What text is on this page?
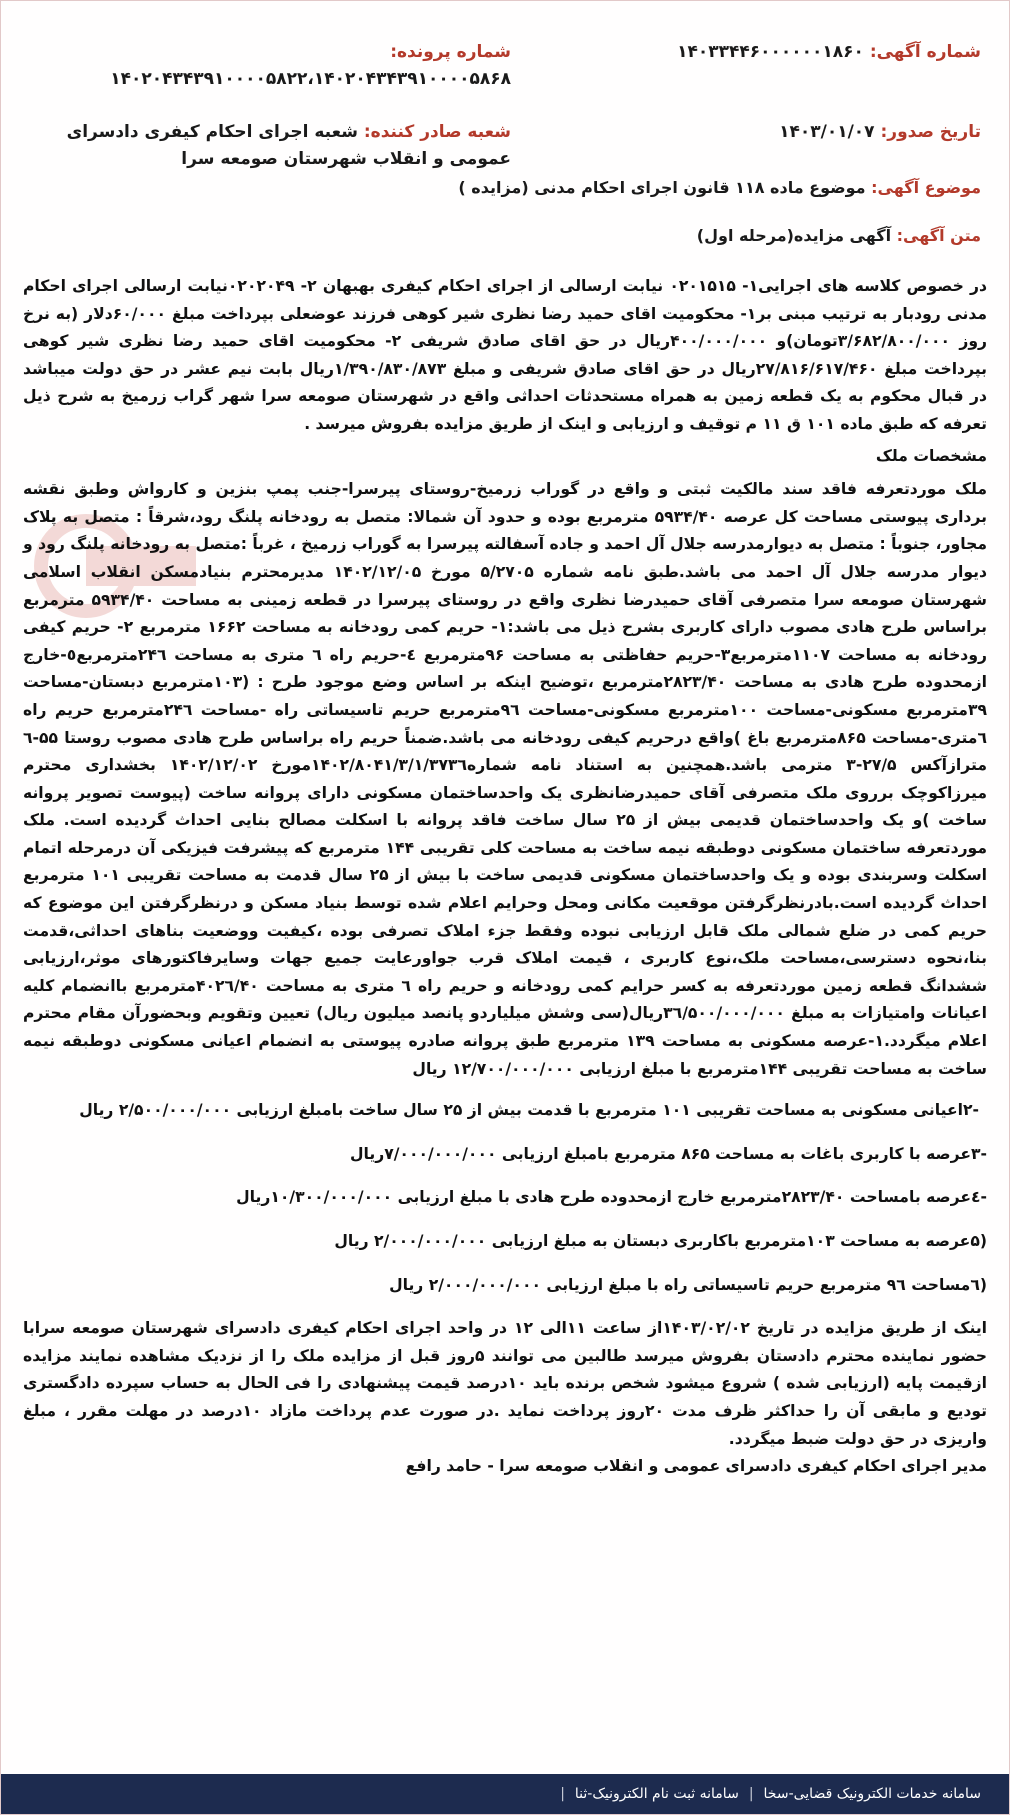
شماره آگهی: ۱۴۰۳۳۴۴۶۰۰۰۰۰۰۱۸۶۰
شماره پرونده: ۱۴۰۲۰۴۳۴۳۹۱۰۰۰۰۵۸۲۲،۱۴۰۲۰۴۳۴۳۹۱۰۰۰۰۵۸۶۸
تاریخ صدور: ۱۴۰۳/۰۱/۰۷
شعبه صادر کننده: شعبه اجرای احکام کیفری دادسرای عمومی و انقلاب شهرستان صومعه سرا
موضوع آگهی: موضوع ماده ۱۱۸ قانون اجرای احکام مدنی (مزایده )
متن آگهی: آگهی مزایده(مرحله اول)

در خصوص کلاسه های اجرایی۱- ۰۲۰۱۵۱۵ نیابت ارسالی از اجرای احکام کیفری بهبهان ۲- ۰۲۰۲۰۴۹نیابت ارسالی اجرای احکام مدنی رودبار به ترتیب مبنی بر۱- محکومیت اقای حمید رضا نظری شیر کوهی فرزند عوضعلی بپرداخت مبلغ ۶۰/۰۰۰دلار (به نرخ روز ۳/۶۸۲/۸۰۰/۰۰۰تومان)و ۴۰۰/۰۰۰/۰۰۰ریال در حق اقای صادق شریفی ۲- محکومیت اقای حمید رضا نظری شیر کوهی بپرداخت مبلغ ۲۷/۸۱۶/۶۱۷/۴۶۰ریال در حق اقای صادق شریفی و مبلغ ۱/۳۹۰/۸۳۰/۸۷۳ریال بابت نیم عشر در حق دولت میباشد در قبال محکوم به یک قطعه زمین به همراه مستحدثات احداثی واقع در شهرستان صومعه سرا شهر گراب زرمیخ به شرح ذیل تعرفه که طبق ماده ۱۰۱ ق ۱۱ م توقیف و ارزیابی و اینک از طریق مزایده بفروش میرسد .

مشخصات ملک

ملک موردتعرفه فاقد سند مالکیت ثبتی و واقع در گوراب زرمیخ-روستای پیرسرا-جنب پمپ بنزین و کارواش وطبق نقشه برداری پیوستی مساحت کل عرصه ۵۹۳۴/۴۰ مترمربع بوده و حدود آن شمالا: متصل به رودخانه پلنگ رود،شرقاً : متصل به پلاک مجاور، جنوباً : متصل به دیوارمدرسه جلال آل احمد و جاده آسفالته پیرسرا به گوراب زرمیخ ، غرباً :متصل به رودخانه پلنگ رود و دیوار مدرسه جلال آل احمد می باشد.طبق نامه شماره ۵/۲۷۰۵ مورخ ۱۴۰۲/۱۲/۰۵ مدیرمحترم بنیادمسکن انقلاب اسلامی شهرستان صومعه سرا متصرفی آقای حمیدرضا نظری واقع در روستای پیرسرا در قطعه زمینی به مساحت ۵۹۳۴/۴۰ مترمربع براساس طرح هادی مصوب دارای کاربری بشرح ذیل می باشد:۱- حریم کمی رودخانه به مساحت ۱۶۶۲ مترمربع ۲- حریم کیفی رودخانه به مساحت ۱۱۰۷مترمربع۳-حریم حفاظتی به مساحت ۹۶مترمربع ٤-حریم راه ٦ متری به مساحت ۲۴٦مترمربع٥-خارج ازمحدوده طرح هادی به مساحت ۲۸۲۳/۴۰مترمربع ،توضیح اینکه بر اساس وضع موجود طرح : (۱۰۳مترمربع دبستان-مساحت ۳۹مترمربع مسکونی-مساحت ۱۰۰مترمربع مسکونی-مساحت ۹٦مترمربع حریم تاسیساتی راه -مساحت ۲۴٦مترمربع حریم راه ٦متری-مساحت ۸۶۵مترمربع باغ )واقع درحریم کیفی رودخانه می باشد.ضمناً حریم راه براساس طرح هادی مصوب روستا ۵۵-٦ مترازآکس ۲۷/۵-۳ مترمی باشد.همچنین به استناد نامه شماره۱۴۰۲/۸۰۴۱/۳/۱/۳۷۳٦مورخ ۱۴۰۲/۱۲/۰۲ بخشداری محترم میرزاکوچک برروی ملک متصرفی آقای حمیدرضانظری یک واحدساختمان مسکونی دارای پروانه ساخت (پیوست تصویر پروانه ساخت )و یک واحدساختمان قدیمی بیش از ۲۵ سال ساخت فاقد پروانه با اسکلت مصالح بنایی احداث گردیده است. ملک موردتعرفه ساختمان مسکونی دوطبقه نیمه ساخت به مساحت کلی تقریبی ۱۴۴ مترمربع که پیشرفت فیزیکی آن درمرحله اتمام اسکلت وسربندی بوده و یک واحدساختمان مسکونی قدیمی ساخت با بیش از ۲۵ سال قدمت به مساحت تقریبی ۱۰۱ مترمربع احداث گردیده است.بادرنظرگرفتن موقعیت مکانی ومحل وحرایم اعلام شده توسط بنیاد مسکن و درنظرگرفتن این موضوع که حریم کمی در ضلع شمالی ملک قابل ارزیابی نبوده وفقط جزء املاک تصرفی بوده ،کیفیت ووضعیت بناهای احداثی،قدمت بنا،نحوه دسترسی،مساحت ملک،نوع کاربری ، قیمت املاک قرب جواورعایت جمیع جهات وسایرفاکتورهای موثر،ارزیابی ششدانگ قطعه زمین موردتعرفه به کسر حرایم کمی رودخانه و حریم راه ٦ متری به مساحت ۴۰۲٦/۴۰مترمربع باانضمام کلیه اعیانات وامتیازات به مبلغ ۳٦/۵۰۰/۰۰۰/۰۰۰ریال(سی وشش میلیاردو پانصد میلیون ریال) تعیین وتقویم وبحضورآن مقام محترم اعلام میگردد.۱-عرصه مسکونی به مساحت ۱۳۹ مترمربع طبق پروانه صادره پیوستی به انضمام اعیانی مسکونی دوطبقه نیمه ساخت به مساحت تقریبی ۱۴۴مترمربع با مبلغ ارزیابی ۱۲/۷۰۰/۰۰۰/۰۰۰ ریال

-۲اعیانی مسکونی به مساحت تقریبی ۱۰۱ مترمربع با قدمت بیش از ۲۵ سال ساخت بامبلغ ارزیابی ۲/۵۰۰/۰۰۰/۰۰۰ ریال

-۳عرصه با کاربری باغات به مساحت ۸۶۵ مترمربع بامبلغ ارزیابی ۷/۰۰۰/۰۰۰/۰۰۰ریال

-٤عرصه بامساحت ۲۸۲۳/۴۰مترمربع خارج ازمحدوده طرح هادی با مبلغ ارزیابی ۱۰/۳۰۰/۰۰۰/۰۰۰ریال

(۵عرصه به مساحت ۱۰۳مترمربع باکاربری دبستان به مبلغ ارزیابی ۲/۰۰۰/۰۰۰/۰۰۰ ریال

(٦مساحت ۹٦ مترمربع حریم تاسیساتی راه با مبلغ ارزیابی ۲/۰۰۰/۰۰۰/۰۰۰ ریال

اینک از طریق مزایده در تاریخ ۱۴۰۳/۰۲/۰۲از ساعت ۱۱الی ۱۲ در واحد اجرای احکام کیفری دادسرای شهرستان صومعه سرابا حضور نماینده محترم دادستان بفروش میرسد طالبین می توانند ۵روز قبل از مزایده ملک را از نزدیک مشاهده نمایند مزایده ازقیمت پایه (ارزیابی شده ) شروع میشود شخص برنده باید ۱۰درصد قیمت پیشنهادی را فی الحال به حساب سپرده دادگستری تودیع و مابقی آن را حداکثر ظرف مدت ۲۰روز پرداخت نماید .در صورت عدم پرداخت مازاد ۱۰درصد در مهلت مقرر ، مبلغ واریزی در حق دولت ضبط میگردد.

مدیر اجرای احکام کیفری دادسرای عمومی و انقلاب صومعه سرا - حامد رافع

سامانه خدمات الکترونیک قضایی-سخا
|
سامانه ثبت نام الکترونیک-ثنا
|
